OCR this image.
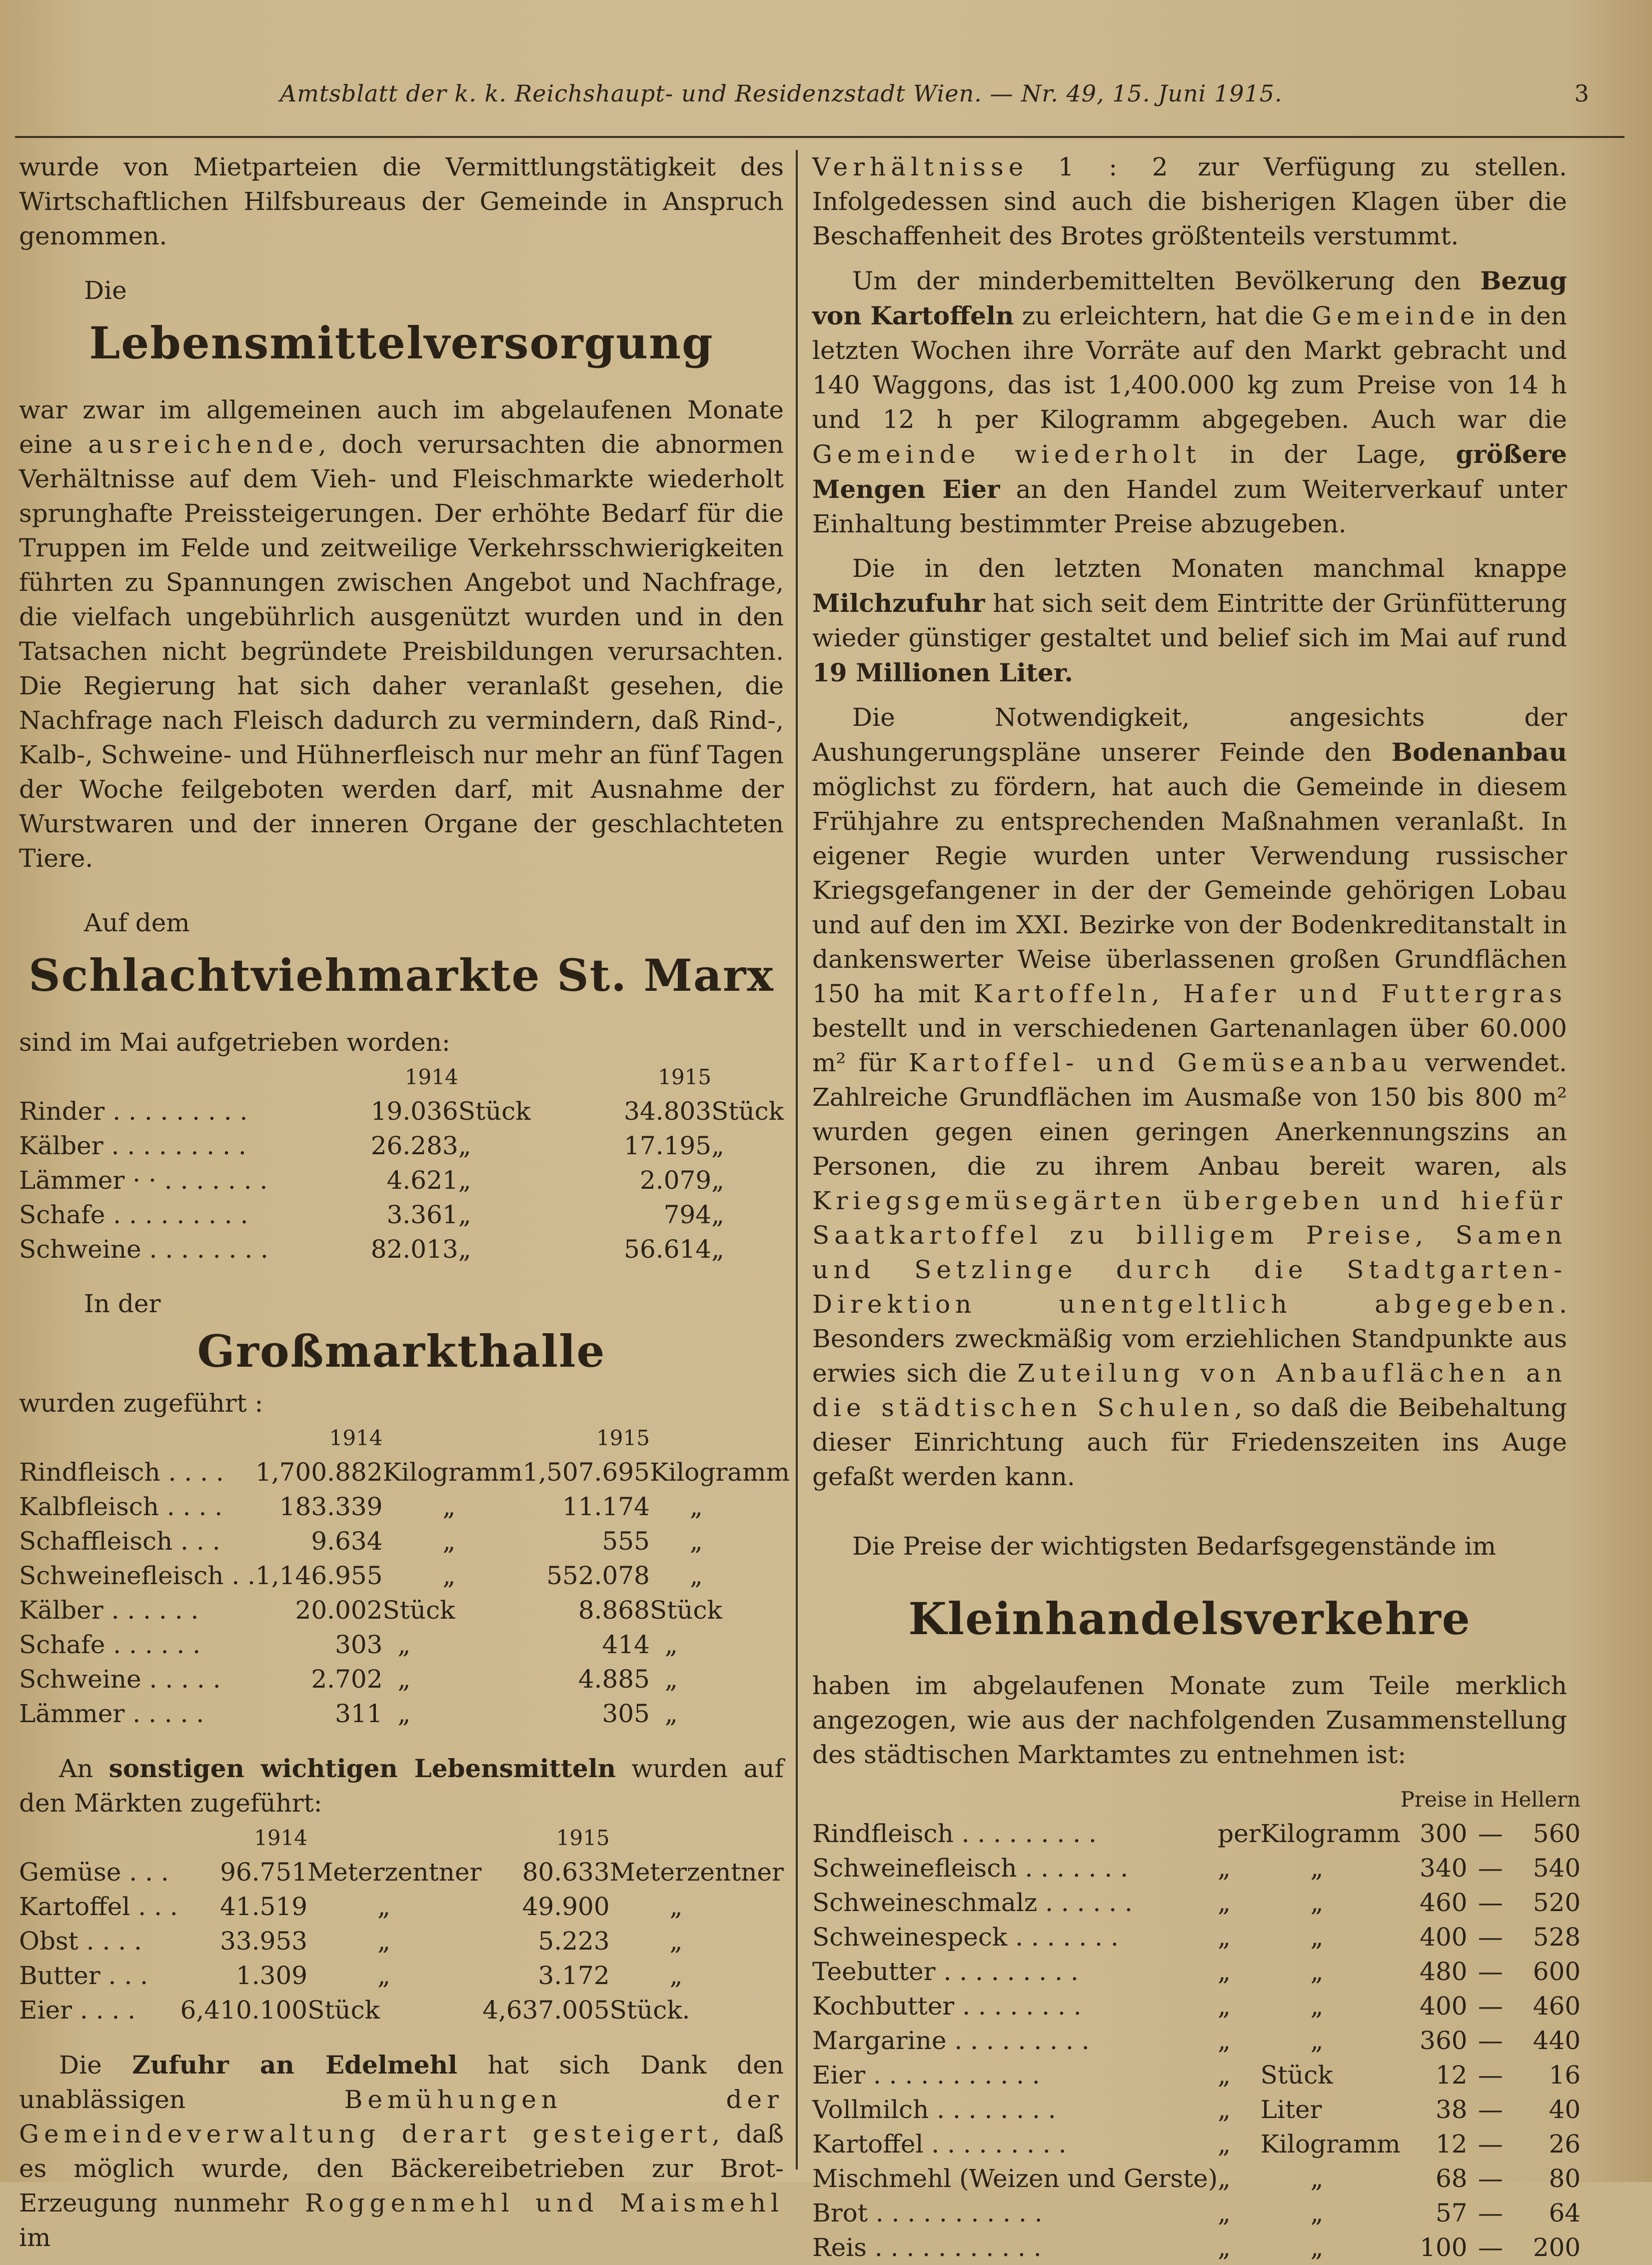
Amtsblatt der k. k. Reichshaupt- und Residenzstadt Wien. — Nr. 49, 15. Juni 1915.	3

wurde von Mietparteien die Vermittlungstätigkeit des Wirtschaftlichen Hilfsbureaus der Gemeinde in Anspruch genommen.

Die

Lebensmittelversorgung

war zwar im allgemeinen auch im abgelaufenen Monate eine ausreichende, doch verursachten die abnormen Verhältnisse auf dem Vieh- und Fleischmarkte wiederholt sprunghafte Preissteigerungen. Der erhöhte Bedarf für die Truppen im Felde und zeitweilige Verkehrsschwierigkeiten führten zu Spannungen zwischen Angebot und Nachfrage, die vielfach ungebührlich ausgenützt wurden und in den Tatsachen nicht begründete Preisbildungen verursachten. Die Regierung hat sich daher veranlaßt gesehen, die Nachfrage nach Fleisch dadurch zu vermindern, daß Rind-, Kalb-, Schweine- und Hühnerfleisch nur mehr an fünf Tagen der Woche feilgeboten werden darf, mit Ausnahme der Wurstwaren und der inneren Organe der geschlachteten Tiere.

Auf dem

Schlachtviehmarkte St. Marx

sind im Mai aufgetrieben worden:

	1914		1915	
Rinder . . . . . . . . .	19.036	Stück	34.803	Stück
Kälber . . . . . . . . .	26.283	„	17.195	„
Lämmer · · . . . . . . .	4.621	„	2.079	„
Schafe . . . . . . . . .	3.361	„	794	„
Schweine . . . . . . . .	82.013	„	56.614	„

In der

Großmarkthalle

wurden zugeführt :

	1914		1915	
Rindfleisch . . . .	1,700.882	Kilogramm	1,507.695	Kilogramm
Kalbfleisch . . . .	183.339	„	11.174	„
Schaffleisch . . .	9.634	„	555	„
Schweinefleisch . .	1,146.955	„	552.078	„
Kälber . . . . . .	20.002	Stück	8.868	Stück
Schafe . . . . . .	303	„	414	„
Schweine . . . . .	2.702	„	4.885	„
Lämmer . . . . .	311	„	305	„

An sonstigen wichtigen Lebensmitteln wurden auf den Märkten zugeführt:

	1914		1915	
Gemüse . . .	96.751	Meterzentner	80.633	Meterzentner
Kartoffel . . .	41.519	„	49.900	„
Obst . . . .	33.953	„	5.223	„
Butter . . .	1.309	„	3.172	„
Eier . . . .	6,410.100	Stück	4,637.005	Stück.

Die Zufuhr an Edelmehl hat sich Dank den unablässigen	Bemühungen der Gemeindeverwaltung derart gesteigert, daß es möglich wurde, den Bäckereibetrieben zur Brot-Erzeugung nunmehr Roggenmehl und Maismehl im

Verhältnisse 1 : 2 zur Verfügung zu stellen. Infolgedessen sind auch die bisherigen Klagen über die Beschaffenheit des Brotes größtenteils verstummt.

Um der minderbemittelten Bevölkerung den Bezug von Kartoffeln zu erleichtern, hat die Gemeinde in den letzten Wochen ihre Vorräte auf den Markt gebracht und 140 Waggons, das ist 1,400.000 kg zum Preise von 14 h und 12 h per Kilogramm abgegeben. Auch war die Gemeinde wiederholt in der Lage, größere Mengen Eier an den Handel zum Weiterverkauf unter Einhaltung bestimmter Preise abzugeben.

Die in den letzten Monaten manchmal knappe Milchzufuhr hat sich seit dem Eintritte der Grünfütterung wieder günstiger gestaltet und belief sich im Mai auf rund 19 Millionen Liter.

Die Notwendigkeit, angesichts der Aushungerungspläne unserer Feinde den Bodenanbau möglichst zu fördern, hat auch die Gemeinde in diesem Frühjahre zu entsprechenden Maßnahmen veranlaßt. In eigener Regie wurden unter Verwendung russischer Kriegsgefangener in der der Gemeinde gehörigen Lobau und auf den im XXI. Bezirke von der Bodenkreditanstalt in dankenswerter Weise überlassenen großen Grundflächen 150 ha mit Kartoffeln, Hafer und Futtergras bestellt und in verschiedenen Gartenanlagen über 60.000 m² für Kartoffel- und Gemüseanbau verwendet. Zahlreiche Grundflächen im Ausmaße von 150 bis 800 m² wurden gegen einen geringen Anerkennungszins an Personen, die zu ihrem Anbau bereit waren, als Kriegsgemüsegärten übergeben und hiefür Saatkartoffel zu billigem Preise, Samen und Setzlinge durch die Stadtgarten-Direktion unentgeltlich abgegeben. Besonders zweckmäßig vom erziehlichen Standpunkte aus erwies sich die Zuteilung von Anbauflächen an die städtischen Schulen, so daß die Beibehaltung dieser Einrichtung auch für Friedenszeiten ins Auge gefaßt werden kann.

Die Preise der wichtigsten Bedarfsgegenstände im

Kleinhandelsverkehre

haben im abgelaufenen Monate zum Teile merklich angezogen, wie aus der nachfolgenden Zusammenstellung des städtischen Marktamtes zu entnehmen ist:

			Preise in Hellern		
Rindfleisch . . . . . . . . .	per	Kilogramm	300	—	560
Schweinefleisch . . . . . . .	„	„	340	—	540
Schweineschmalz . . . . . .	„	„	460	—	520
Schweinespeck . . . . . . .	„	„	400	—	528
Teebutter . . . . . . . . .	„	„	480	—	600
Kochbutter . . . . . . . .	„	„	400	—	460
Margarine . . . . . . . . .	„	„	360	—	440
Eier . . . . . . . . . . .	„	Stück	12	—	16
Vollmilch . . . . . . . .	„	Liter	38	—	40
Kartoffel . . . . . . . . .	„	Kilogramm	12	—	26
Mischmehl (Weizen und Gerste)	„	„	68	—	80
Brot . . . . . . . . . . .	„	„	57	—	64
Reis . . . . . . . . . . .	„	„	100	—	200
